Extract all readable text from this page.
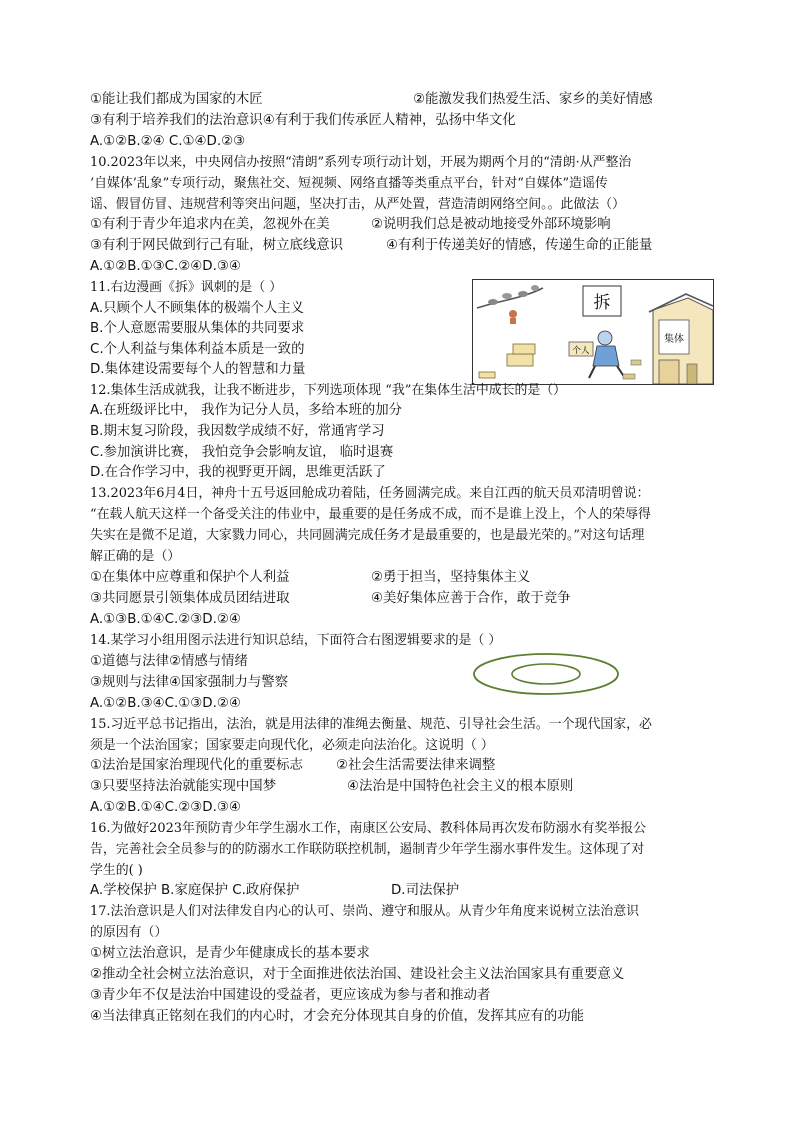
①能让我们都成为国家的木匠	②能激发我们热爱生活、家乡的美好情感
③有利于培养我们的法治意识④有利于我们传承匠人精神，弘扬中华文化
A.①②B.②④ C.①④D.②③
10.2023年以来，中央网信办按照“清朗”系列专项行动计划，开展为期两个月的“清朗·从严整治
‘自媒体’乱象”专项行动，聚焦社交、短视频、网络直播等类重点平台，针对“自媒体”造谣传
谣、假冒仿冒、违规营利等突出问题，坚决打击，从严处置，营造清朗网络空间。。此做法（）
①有利于青少年追求内在美，忽视外在美	②说明我们总是被动地接受外部环境影响
③有利于网民做到行己有耻，树立底线意识	④有利于传递美好的情感，传递生命的正能量
A.①②B.①③C.②④D.③④
11.右边漫画《拆》讽刺的是（ ）
A.只顾个人不顾集体的极端个人主义
B.个人意愿需要服从集体的共同要求
C.个人利益与集体利益本质是一致的
D.集体建设需要每个人的智慧和力量
拆
集体
个人
12.集体生活成就我，让我不断进步，下列选项体现 “我”在集体生活中成长的是（）
A.在班级评比中， 我作为记分人员，多给本班的加分
B.期末复习阶段，我因数学成绩不好，常通宵学习
C.参加演讲比赛， 我怕竞争会影响友谊， 临时退赛
D.在合作学习中，我的视野更开阔，思维更活跃了
13.2023年6月4日，神舟十五号返回舱成功着陆，任务圆满完成。来自江西的航天员邓清明曾说：
“在载人航天这样一个备受关注的伟业中，最重要的是任务成不成，而不是谁上没上，个人的荣辱得
失实在是微不足道，大家戮力同心，共同圆满完成任务才是最重要的，也是最光荣的。”对这句话理
解正确的是（）
①在集体中应尊重和保护个人利益	②勇于担当，坚持集体主义
③共同愿景引领集体成员团结进取	④美好集体应善于合作，敢于竞争
A.①③B.①④C.②③D.②④
14.某学习小组用图示法进行知识总结，下面符合右图逻辑要求的是（ ）
①道德与法律②情感与情绪
③规则与法律④国家强制力与警察
A.①②B.③④C.①③D.②④
15.习近平总书记指出，法治，就是用法律的准绳去衡量、规范、引导社会生活。一个现代国家，必
须是一个法治国家；国家要走向现代化，必须走向法治化。这说明（ ）
①法治是国家治理现代化的重要标志 ②社会生活需要法律来调整
③只要坚持法治就能实现中国梦	④法治是中国特色社会主义的根本原则
A.①②B.①④C.②③D.③④
16.为做好2023年预防青少年学生溺水工作，南康区公安局、教科体局再次发布防溺水有奖举报公
告，完善社会全员参与的的防溺水工作联防联控机制，遏制青少年学生溺水事件发生。这体现了对
学生的( )
A.学校保护 B.家庭保护 C.政府保护	D.司法保护
17.法治意识是人们对法律发自内心的认可、崇尚、遵守和服从。从青少年角度来说树立法治意识
的原因有（）
①树立法治意识，是青少年健康成长的基本要求
②推动全社会树立法治意识，对于全面推进依法治国、建设社会主义法治国家具有重要意义
③青少年不仅是法治中国建设的受益者，更应该成为参与者和推动者
④当法律真正铭刻在我们的内心时，才会充分体现其自身的价值，发挥其应有的功能
